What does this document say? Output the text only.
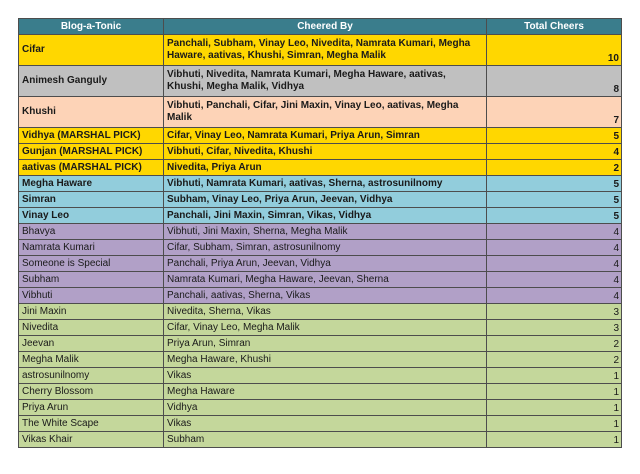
Blog-a-Tonic	Cheered By	Total Cheers
Cifar	Panchali, Subham, Vinay Leo, Nivedita, Namrata Kumari, Megha Haware, aativas, Khushi, Simran, Megha Malik	10
Animesh Ganguly	Vibhuti, Nivedita, Namrata Kumari, Megha Haware, aativas, Khushi, Megha Malik, Vidhya	8
Khushi	Vibhuti, Panchali, Cifar, Jini Maxin, Vinay Leo, aativas, Megha Malik	7
Vidhya (MARSHAL PICK)	Cifar, Vinay Leo, Namrata Kumari, Priya Arun, Simran	5
Gunjan (MARSHAL PICK)	Vibhuti, Cifar, Nivedita, Khushi	4
aativas (MARSHAL PICK)	Nivedita, Priya Arun	2
Megha Haware	Vibhuti, Namrata Kumari, aativas, Sherna, astrosunilnomy	5
Simran	Subham, Vinay Leo, Priya Arun, Jeevan, Vidhya	5
Vinay Leo	Panchali, Jini Maxin, Simran, Vikas, Vidhya	5
Bhavya	Vibhuti, Jini Maxin, Sherna, Megha Malik	4
Namrata Kumari	Cifar, Subham, Simran, astrosunilnomy	4
Someone is Special	Panchali, Priya Arun, Jeevan, Vidhya	4
Subham	Namrata Kumari, Megha Haware, Jeevan, Sherna	4
Vibhuti	Panchali, aativas, Sherna, Vikas	4
Jini Maxin	Nivedita, Sherna, Vikas	3
Nivedita	Cifar, Vinay Leo, Megha Malik	3
Jeevan	Priya Arun, Simran	2
Megha Malik	Megha Haware, Khushi	2
astrosunilnomy	Vikas	1
Cherry Blossom	Megha Haware	1
Priya Arun	Vidhya	1
The White Scape	Vikas	1
Vikas Khair	Subham	1
